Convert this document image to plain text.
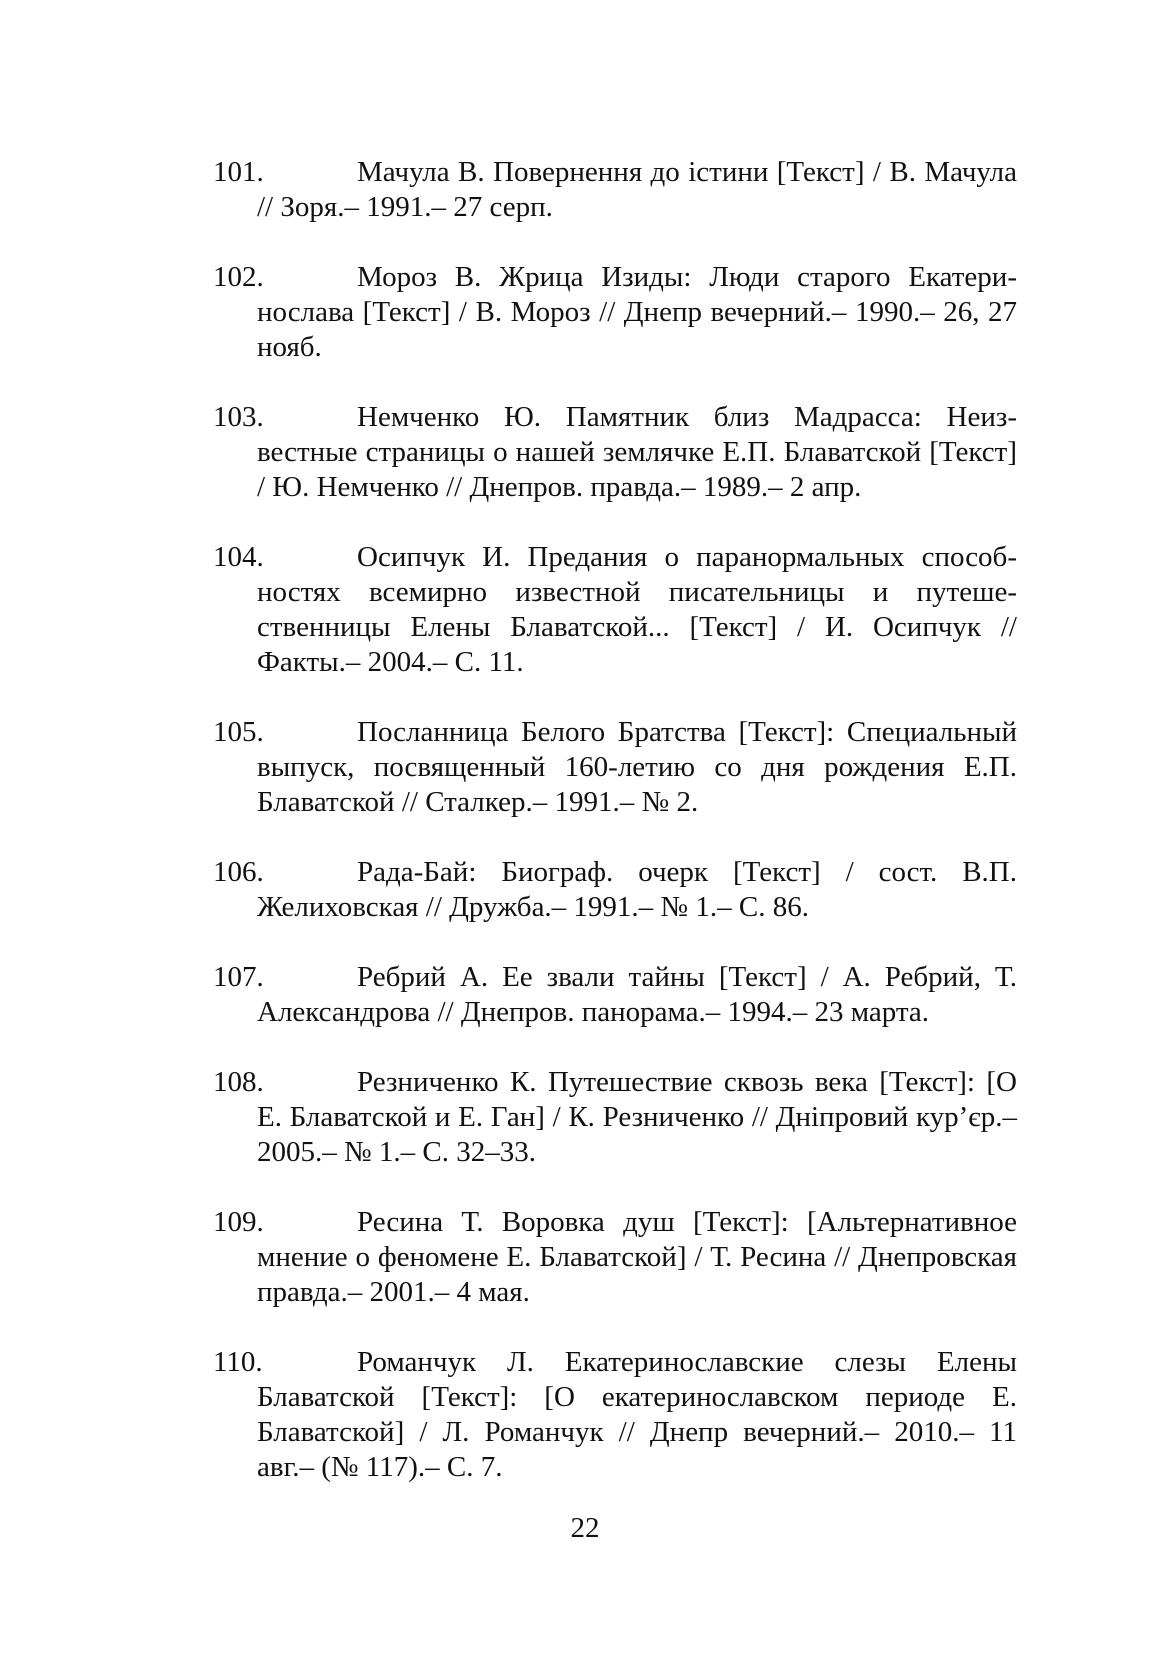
101.	Мачула В. Повернення до істини [Текст] / В. Мачула // Зоря.– 1991.– 27 серп.
102.	Мороз В. Жрица Изиды: Люди старого Екатеринослава [Текст] / В. Мороз // Днепр вечерний.– 1990.– 26, 27 нояб.
103.	Немченко Ю. Памятник близ Мадрасса: Неизвестные страницы о нашей землячке Е.П. Блаватской [Текст] / Ю. Немченко // Днепров. правда.– 1989.– 2 апр.
104.	Осипчук И. Предания о паранормальных способностях всемирно известной писательницы и путешественницы Елены Блаватской... [Текст] / И. Осипчук // Факты.– 2004.– С. 11.
105.	Посланница Белого Братства [Текст]: Специальный выпуск, посвященный 160-летию со дня рождения Е.П. Блаватской // Сталкер.– 1991.– № 2.
106.	Рада-Бай: Биограф. очерк [Текст] / сост. В.П. Желиховская // Дружба.– 1991.– № 1.– С. 86.
107.	Ребрий А. Ее звали тайны [Текст] / А. Ребрий, Т. Александрова // Днепров. панорама.– 1994.– 23 марта.
108.	Резниченко К. Путешествие сквозь века [Текст]: [О Е. Блаватской и Е. Ган] / К. Резниченко // Дніпровий кур’єр.– 2005.– № 1.– С. 32–33.
109.	Ресина Т. Воровка душ [Текст]: [Альтернативное мнение о феномене Е. Блаватской] / Т. Ресина // Днепровская правда.– 2001.– 4 мая.
110.	Романчук Л. Екатеринославские слезы Елены Блаватской [Текст]: [О екатеринославском периоде Е. Блаватской] / Л. Романчук // Днепр вечерний.– 2010.– 11 авг.– (№ 117).– С. 7.
22
